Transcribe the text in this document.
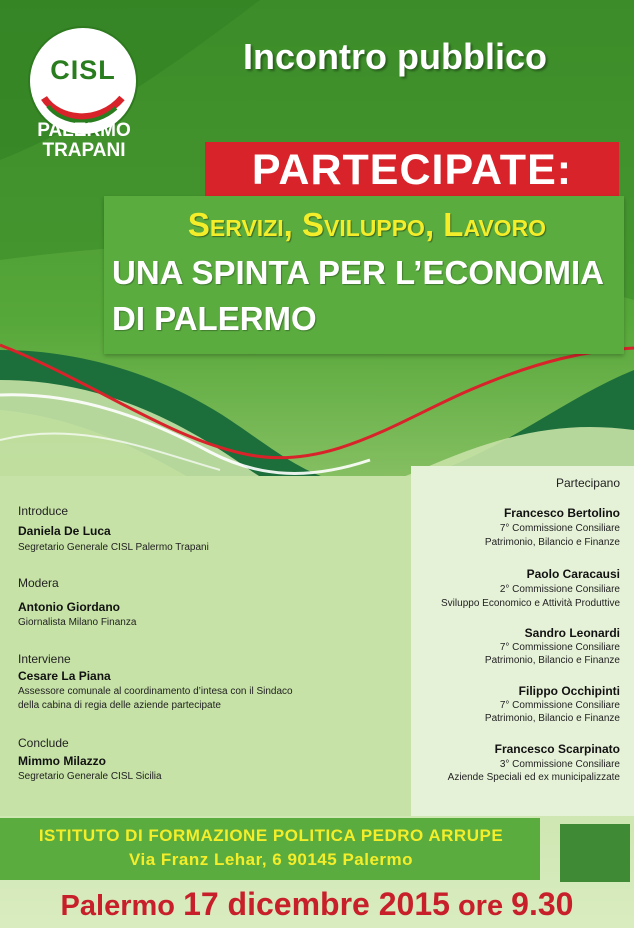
CISL
PALERMO
TRAPANI
Incontro pubblico
PARTECIPATE:
Servizi, Sviluppo, Lavoro
UNA SPINTA PER L’ECONOMIA
DI PALERMO
Introduce
Daniela De Luca
Segretario Generale CISL Palermo Trapani
Modera
Antonio Giordano
Giornalista Milano Finanza
Interviene
Cesare La Piana
Assessore comunale al coordinamento d’intesa con il Sindaco
della cabina di regia delle aziende partecipate
Conclude
Mimmo Milazzo
Segretario Generale CISL Sicilia
Partecipano
Francesco Bertolino
7° Commissione Consiliare
Patrimonio, Bilancio e Finanze
Paolo Caracausi
2° Commissione Consiliare
Sviluppo Economico e Attività Produttive
Sandro Leonardi
7° Commissione Consiliare
Patrimonio, Bilancio e Finanze
Filippo Occhipinti
7° Commissione Consiliare
Patrimonio, Bilancio e Finanze
Francesco Scarpinato
3° Commissione Consiliare
Aziende Speciali ed ex municipalizzate
ISTITUTO DI FORMAZIONE POLITICA PEDRO ARRUPE
Via Franz Lehar, 6 90145 Palermo
Palermo 17 dicembre 2015 ore 9.30
